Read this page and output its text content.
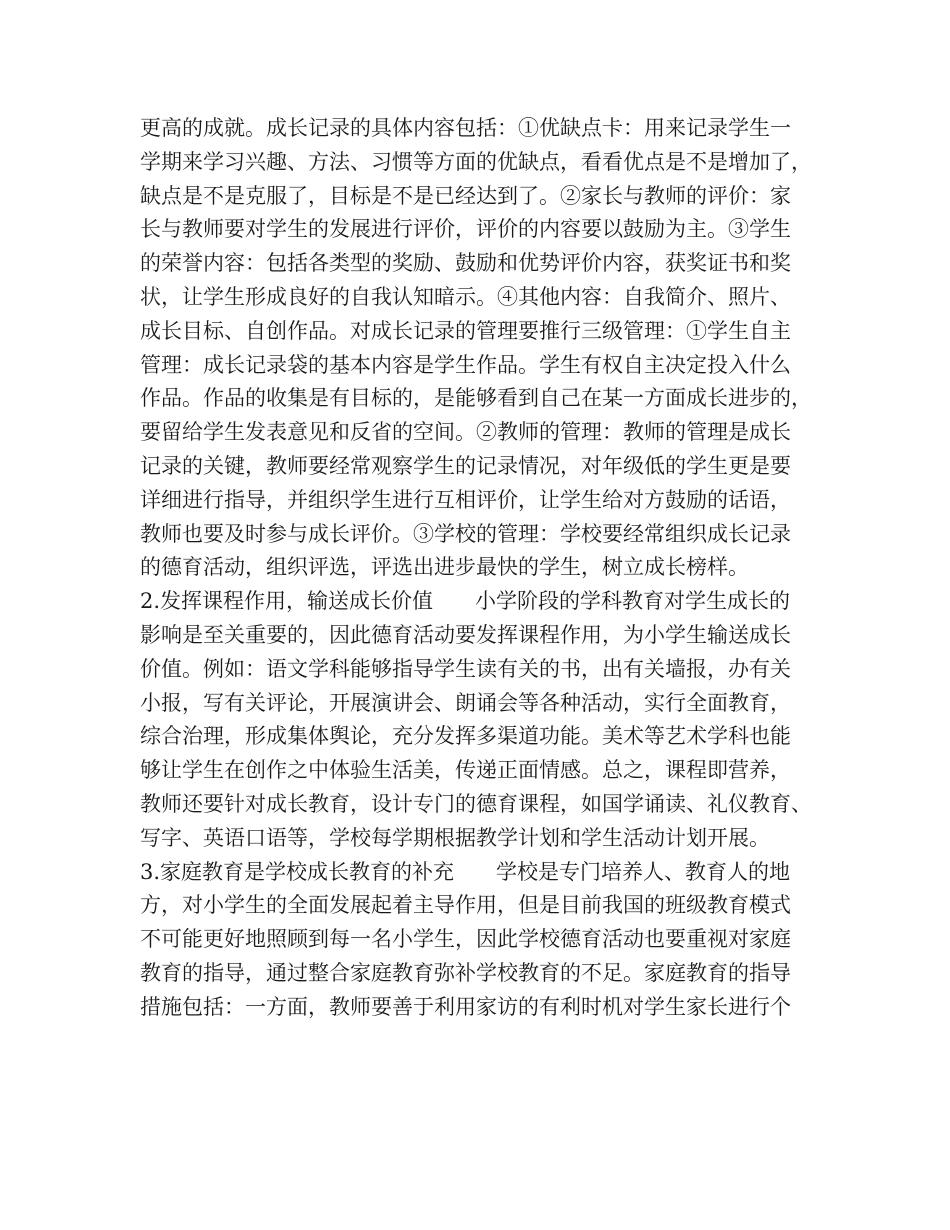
更高的成就。成长记录的具体内容包括：①优缺点卡：用来记录学生一
学期来学习兴趣、方法、习惯等方面的优缺点，看看优点是不是增加了，
缺点是不是克服了，目标是不是已经达到了。②家长与教师的评价：家
长与教师要对学生的发展进行评价，评价的内容要以鼓励为主。③学生
的荣誉内容：包括各类型的奖励、鼓励和优势评价内容，获奖证书和奖
状，让学生形成良好的自我认知暗示。④其他内容：自我简介、照片、
成长目标、自创作品。对成长记录的管理要推行三级管理：①学生自主
管理：成长记录袋的基本内容是学生作品。学生有权自主决定投入什么
作品。作品的收集是有目标的，是能够看到自己在某一方面成长进步的，
要留给学生发表意见和反省的空间。②教师的管理：教师的管理是成长
记录的关键，教师要经常观察学生的记录情况，对年级低的学生更是要
详细进行指导，并组织学生进行互相评价，让学生给对方鼓励的话语，
教师也要及时参与成长评价。③学校的管理：学校要经常组织成长记录
的德育活动，组织评选，评选出进步最快的学生，树立成长榜样。
2.发挥课程作用，输送成长价值　　小学阶段的学科教育对学生成长的
影响是至关重要的，因此德育活动要发挥课程作用，为小学生输送成长
价值。例如：语文学科能够指导学生读有关的书，出有关墙报，办有关
小报，写有关评论，开展演讲会、朗诵会等各种活动，实行全面教育，
综合治理，形成集体舆论，充分发挥多渠道功能。美术等艺术学科也能
够让学生在创作之中体验生活美，传递正面情感。总之，课程即营养，
教师还要针对成长教育，设计专门的德育课程，如国学诵读、礼仪教育、
写字、英语口语等，学校每学期根据教学计划和学生活动计划开展。
3.家庭教育是学校成长教育的补充　　学校是专门培养人、教育人的地
方，对小学生的全面发展起着主导作用，但是目前我国的班级教育模式
不可能更好地照顾到每一名小学生，因此学校德育活动也要重视对家庭
教育的指导，通过整合家庭教育弥补学校教育的不足。家庭教育的指导
措施包括：一方面，教师要善于利用家访的有利时机对学生家长进行个
